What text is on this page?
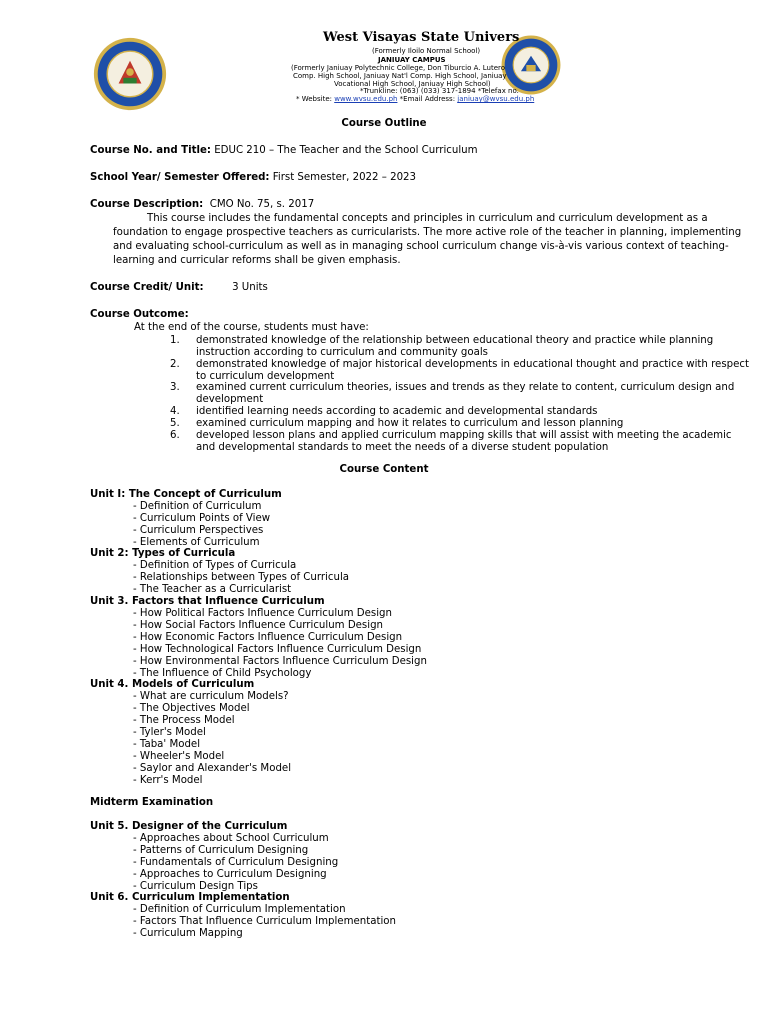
West Visayas State Univers
(Formerly Iloilo Normal School)
JANIUAY CAMPUS
(Formerly Janiuay Polytechnic College, Don Tiburcio A. Lutero
Comp. High School, Janiuay Nat'l Comp. High School, Janiuay
Vocational High School, Janiuay High School)
*Trunkline: (063) (033) 317-1894 *Telefax no.
* Website: www.wvsu.edu.ph *Email Address: janiuay@wvsu.edu.ph
Course Outline
Course No. and Title: EDUC 210 – The Teacher and the School Curriculum
School Year/ Semester Offered: First Semester, 2022 – 2023
Course Description: CMO No. 75, s. 2017
This course includes the fundamental concepts and principles in curriculum and curriculum development as a
foundation to engage prospective teachers as curricularists. The more active role of the teacher in planning, implementing
and evaluating school-curriculum as well as in managing school curriculum change vis-à-vis various context of teaching-
learning and curricular reforms shall be given emphasis.
Course Credit/ Unit:	3 Units
Course Outcome:
At the end of the course, students must have:
1. demonstrated knowledge of the relationship between educational theory and practice while planning
instruction according to curriculum and community goals
2. demonstrated knowledge of major historical developments in educational thought and practice with respect
to curriculum development
3. examined current curriculum theories, issues and trends as they relate to content, curriculum design and
development
4. identified learning needs according to academic and developmental standards
5. examined curriculum mapping and how it relates to curriculum and lesson planning
6. developed lesson plans and applied curriculum mapping skills that will assist with meeting the academic
and developmental standards to meet the needs of a diverse student population
Course Content
Unit I: The Concept of Curriculum
- Definition of Curriculum
- Curriculum Points of View
- Curriculum Perspectives
- Elements of Curriculum
Unit 2: Types of Curricula
- Definition of Types of Curricula
- Relationships between Types of Curricula
- The Teacher as a Curricularist
Unit 3. Factors that Influence Curriculum
- How Political Factors Influence Curriculum Design
- How Social Factors Influence Curriculum Design
- How Economic Factors Influence Curriculum Design
- How Technological Factors Influence Curriculum Design
- How Environmental Factors Influence Curriculum Design
- The Influence of Child Psychology
Unit 4. Models of Curriculum
- What are curriculum Models?
- The Objectives Model
- The Process Model
- Tyler's Model
- Taba' Model
- Wheeler's Model
- Saylor and Alexander's Model
- Kerr's Model
Midterm Examination
Unit 5. Designer of the Curriculum
- Approaches about School Curriculum
- Patterns of Curriculum Designing
- Fundamentals of Curriculum Designing
- Approaches to Curriculum Designing
- Curriculum Design Tips
Unit 6. Curriculum Implementation
- Definition of Curriculum Implementation
- Factors That Influence Curriculum Implementation
- Curriculum Mapping
